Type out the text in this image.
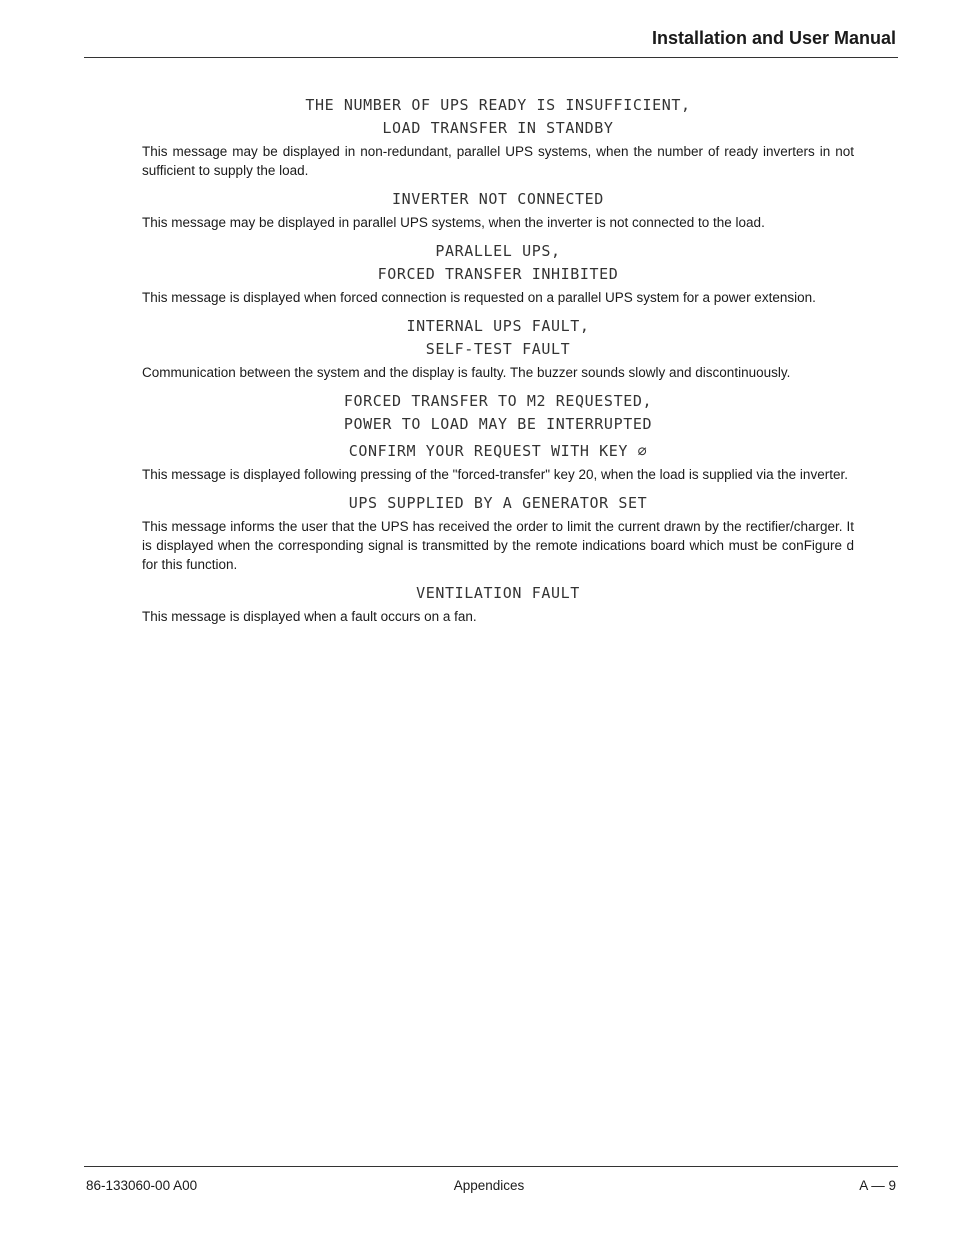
Installation and User Manual
THE NUMBER OF UPS READY IS INSUFFICIENT,
LOAD TRANSFER IN STANDBY

This message may be displayed in non-redundant, parallel UPS systems, when the number of ready inverters in not sufficient to supply the load.

INVERTER NOT CONNECTED

This message may be displayed in parallel UPS systems, when the inverter is not connected to the load.

PARALLEL UPS,
FORCED TRANSFER INHIBITED

This message is displayed when forced connection is requested on a parallel UPS system for a power extension.

INTERNAL UPS FAULT,
SELF-TEST FAULT

Communication between the system and the display is faulty. The buzzer sounds slowly and discontinuously.

FORCED TRANSFER TO M2 REQUESTED,
POWER TO LOAD MAY BE INTERRUPTED
CONFIRM YOUR REQUEST WITH KEY ⌀

This message is displayed following pressing of the "forced-transfer" key 20, when the load is supplied via the inverter.

UPS SUPPLIED BY A GENERATOR SET

This message informs the user that the UPS has received the order to limit the current drawn by the rectifier/charger. It is displayed when the corresponding signal is transmitted by the remote indications board which must be conFigure d for this function.

VENTILATION FAULT

This message is displayed when a fault occurs on a fan.

86-133060-00 A00	Appendices	A — 9
